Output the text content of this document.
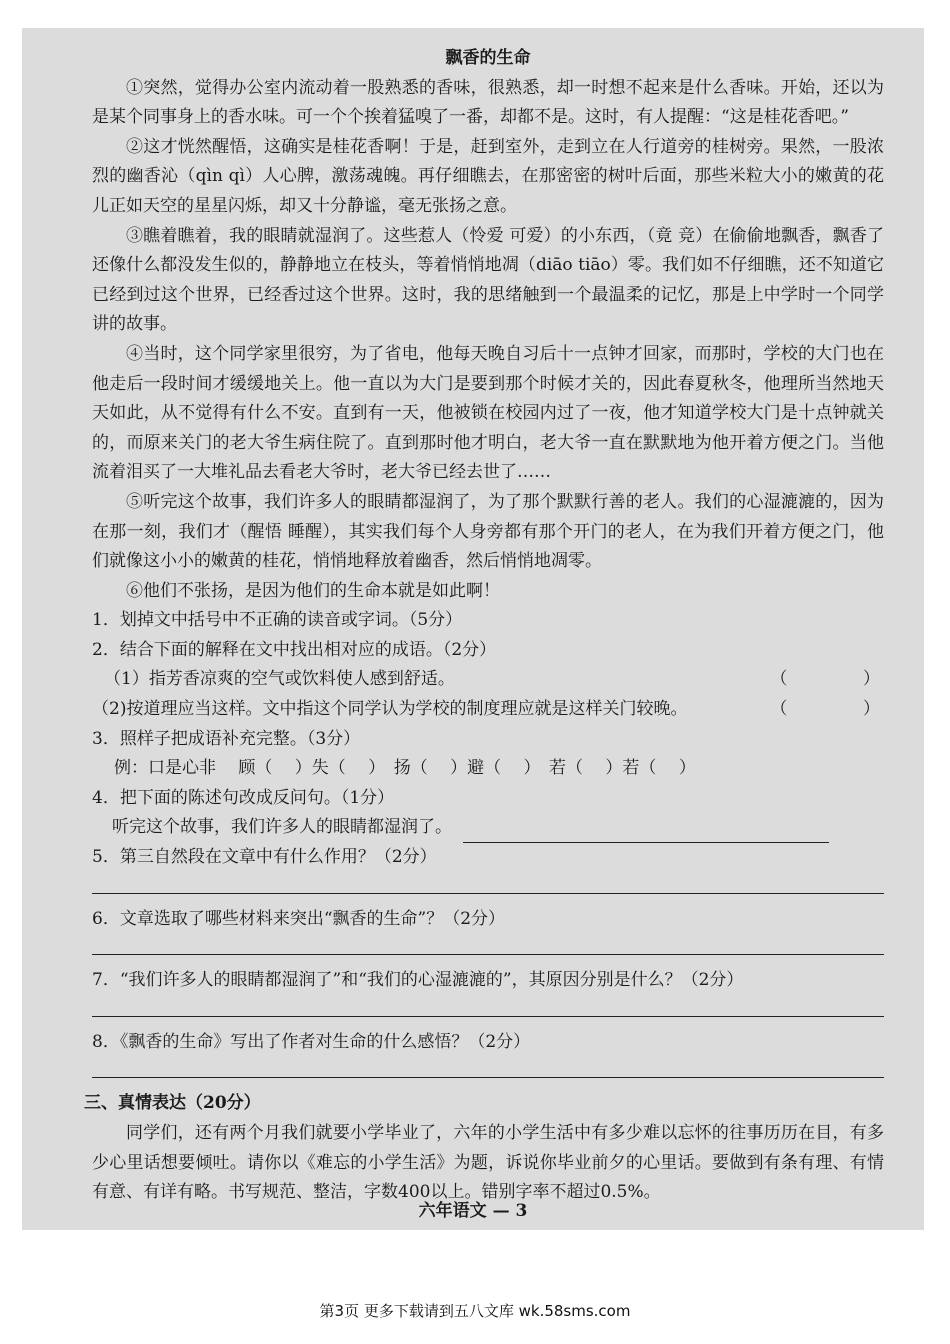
飘香的生命

①突然，觉得办公室内流动着一股熟悉的香味，很熟悉，却一时想不起来是什么香味。开始，还以为是某个同事身上的香水味。可一个个挨着猛嗅了一番，却都不是。这时，有人提醒：“这是桂花香吧。”

②这才恍然醒悟，这确实是桂花香啊！于是，赶到室外，走到立在人行道旁的桂树旁。果然，一股浓烈的幽香沁（qìn qì）人心脾，激荡魂魄。再仔细瞧去，在那密密的树叶后面，那些米粒大小的嫩黄的花儿正如天空的星星闪烁，却又十分静谧，毫无张扬之意。

③瞧着瞧着，我的眼睛就湿润了。这些惹人（怜爱 可爱）的小东西，（竟 竞）在偷偷地飘香，飘香了还像什么都没发生似的，静静地立在枝头，等着悄悄地凋（diāo tiāo）零。我们如不仔细瞧，还不知道它已经到过这个世界，已经香过这个世界。这时，我的思绪触到一个最温柔的记忆，那是上中学时一个同学讲的故事。

④当时，这个同学家里很穷，为了省电，他每天晚自习后十一点钟才回家，而那时，学校的大门也在他走后一段时间才缓缓地关上。他一直以为大门是要到那个时候才关的，因此春夏秋冬，他理所当然地天天如此，从不觉得有什么不安。直到有一天，他被锁在校园内过了一夜，他才知道学校大门是十点钟就关的，而原来关门的老大爷生病住院了。直到那时他才明白，老大爷一直在默默地为他开着方便之门。当他流着泪买了一大堆礼品去看老大爷时，老大爷已经去世了……

⑤听完这个故事，我们许多人的眼睛都湿润了，为了那个默默行善的老人。我们的心湿漉漉的，因为在那一刻，我们才（醒悟 睡醒），其实我们每个人身旁都有那个开门的老人，在为我们开着方便之门，他们就像这小小的嫩黄的桂花，悄悄地释放着幽香，然后悄悄地凋零。

⑥他们不张扬，是因为他们的生命本就是如此啊！

1．划掉文中括号中不正确的读音或字词。（5分）

2．结合下面的解释在文中找出相对应的成语。（2分）

（1）指芳香凉爽的空气或饮料使人感到舒适。	（              ）
（2)按道理应当这样。文中指这个同学认为学校的制度理应就是这样关门较晚。	（              ）

3．照样子把成语补充完整。（3分）

例：口是心非　 顾（　 ）失（　 ）　扬（　 ）避（　 ）　若（　 ）若（　 ）

4．把下面的陈述句改成反问句。（1分）

听完这个故事，我们许多人的眼睛都湿润了。

5．第三自然段在文章中有什么作用？（2分）

6．文章选取了哪些材料来突出“飘香的生命”？（2分）

7．“我们许多人的眼睛都湿润了”和“我们的心湿漉漉的”，其原因分别是什么？（2分）

8．《飘香的生命》写出了作者对生命的什么感悟？（2分）

三、真情表达（20分）

同学们，还有两个月我们就要小学毕业了，六年的小学生活中有多少难以忘怀的往事历历在目，有多少心里话想要倾吐。请你以《难忘的小学生活》为题，诉说你毕业前夕的心里话。要做到有条有理、有情有意、有详有略。书写规范、整洁，字数400以上。错别字率不超过0.5%。

六年语文 — 3
第3页 更多下载请到五八文库 wk.58sms.com
